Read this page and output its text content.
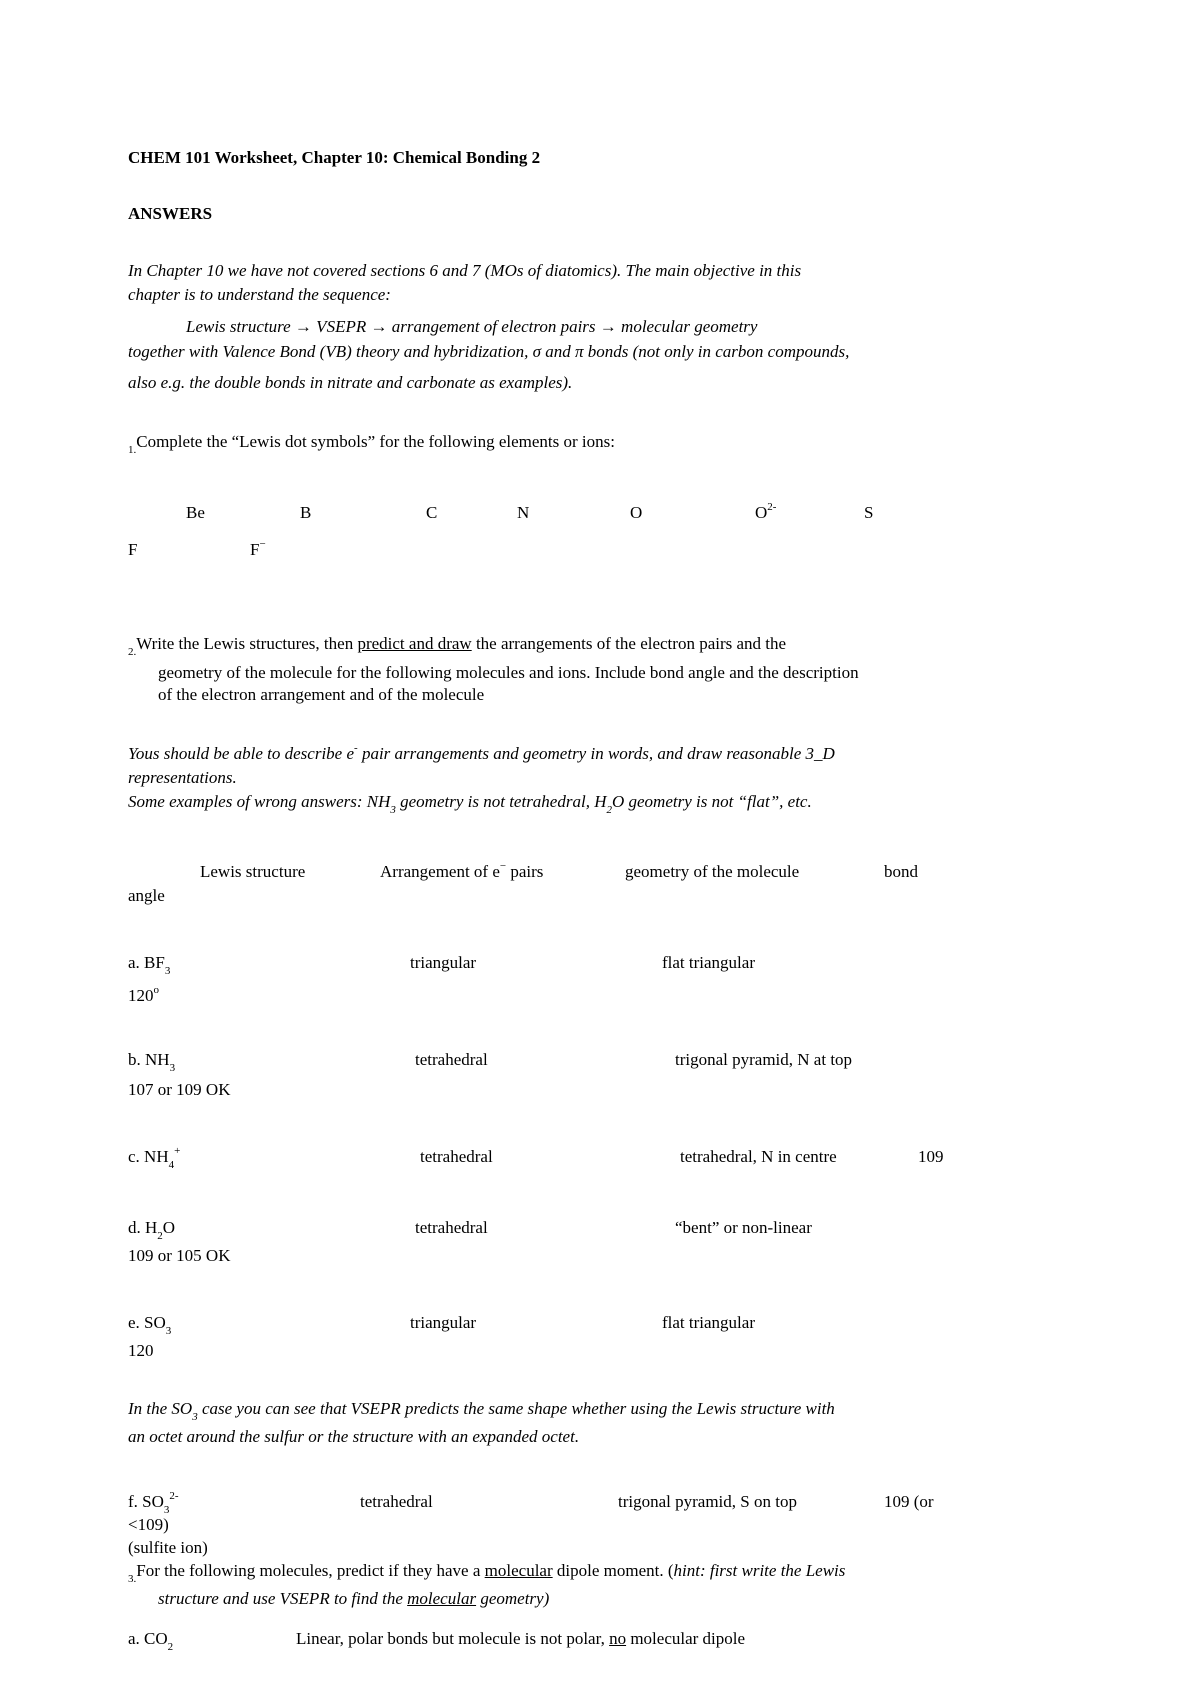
CHEM 101 Worksheet, Chapter 10: Chemical Bonding 2
ANSWERS
In Chapter 10 we have not covered sections 6 and 7 (MOs of diatomics). The main objective in this
chapter is to understand the sequence:
Lewis structure → VSEPR → arrangement of electron pairs → molecular geometry
together with Valence Bond (VB) theory and hybridization, σ and π bonds (not only in carbon compounds,
also e.g. the double bonds in nitrate and carbonate as examples).
$_{1.}$Complete the “Lewis dot symbols” for the following elements or ions:
Be	B	C	N	O	$O^{2-}$	S
F	F−
$_{2.}$Write the Lewis structures, then predict and draw the arrangements of the electron pairs and the
geometry of the molecule for the following molecules and ions. Include bond angle and the description
of the electron arrangement and of the molecule
Yous should be able to describe e- pair arrangements and geometry in words, and draw reasonable 3_D
representations.
Some examples of wrong answers: $NH_3$ geometry is not tetrahedral, $H_2O$ geometry is not “flat”, etc.
Lewis structure	Arrangement of e− pairs	geometry of the molecule	bond
angle
a. $BF_3$	triangular	flat triangular
120$^o$
b. $NH_3$	tetrahedral	trigonal pyramid, N at top
107 or 109 OK
c. $NH_4^+$	tetrahedral	tetrahedral, N in centre	109
d. $H_2O$	tetrahedral	“bent” or non-linear
109 or 105 OK
e. $SO_3$	triangular	flat triangular
120
In the $SO_3$ case you can see that VSEPR predicts the same shape whether using the Lewis structure with
an octet around the sulfur or the structure with an expanded octet.
f. $SO_3^{2-}$	tetrahedral	trigonal pyramid, S on top	109 (or
<109)
(sulfite ion)
$_{3.}$For the following molecules, predict if they have a molecular dipole moment. (hint: first write the Lewis
structure and use VSEPR to find the molecular geometry)
a. $CO_2$	Linear, polar bonds but molecule is not polar, no molecular dipole
